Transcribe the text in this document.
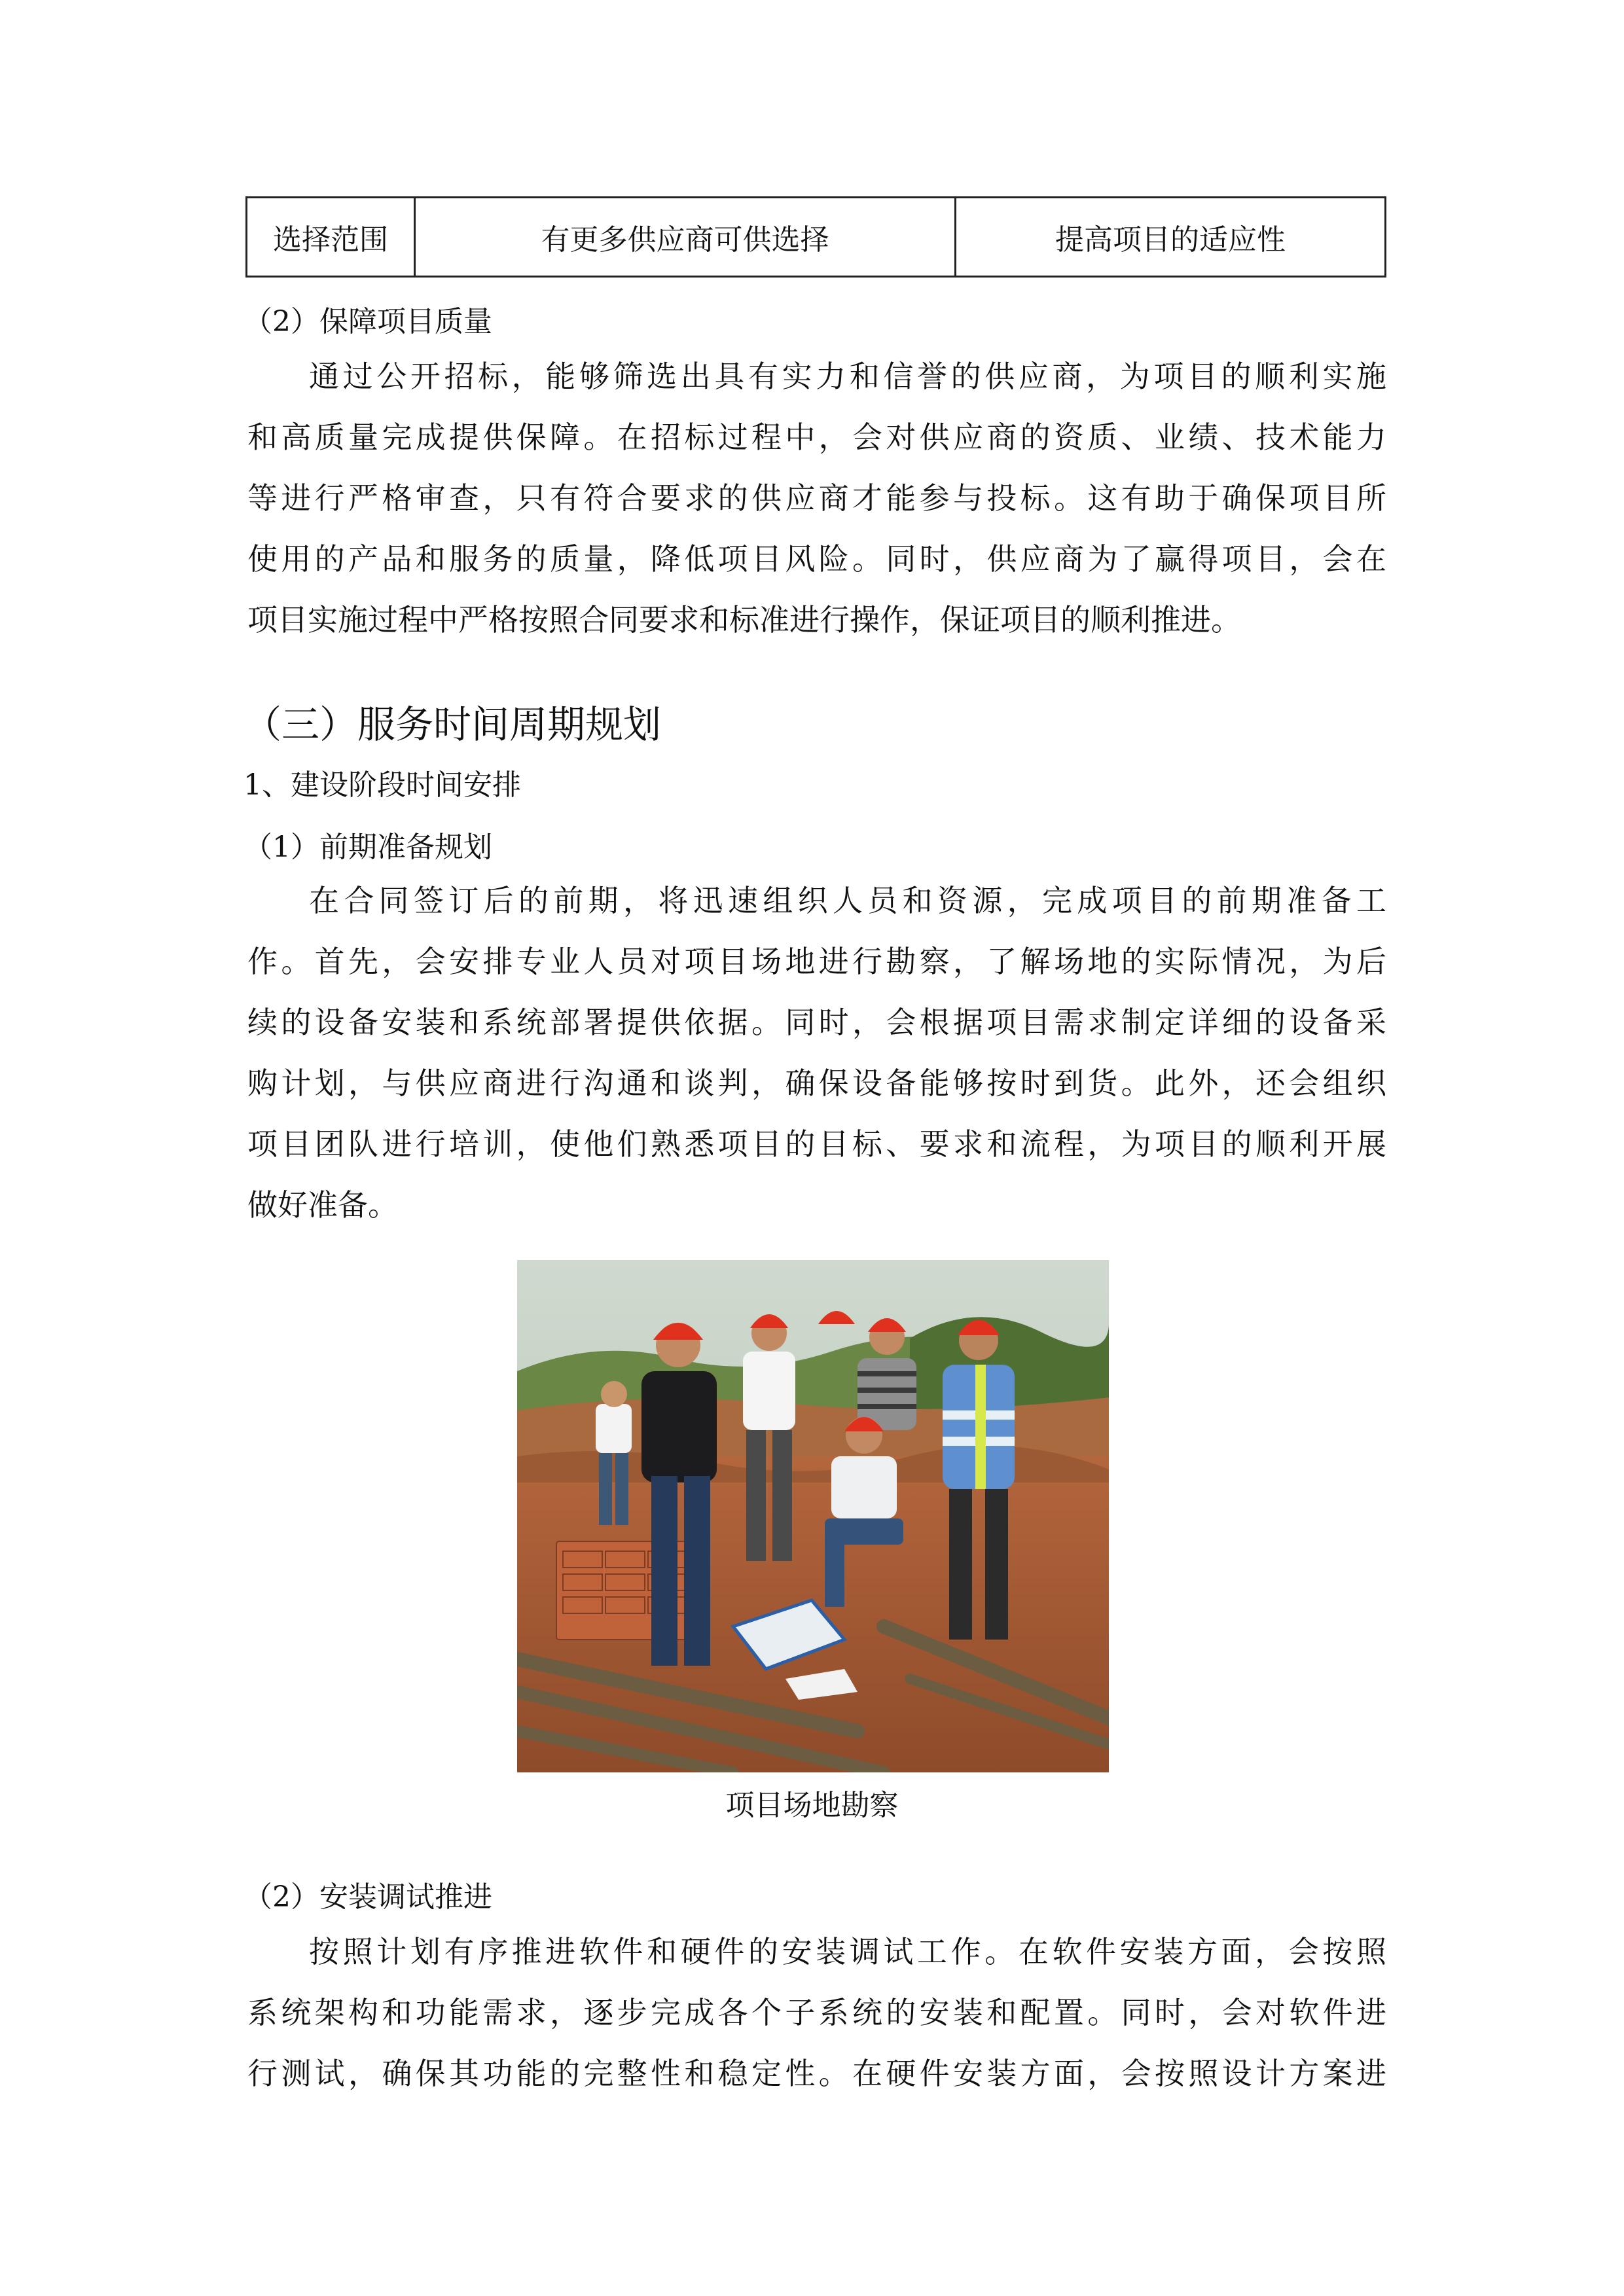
选择范围	有更多供应商可供选择	提高项目的适应性

（2）保障项目质量

通过公开招标，能够筛选出具有实力和信誉的供应商，为项目的顺利实施
和高质量完成提供保障。在招标过程中，会对供应商的资质、业绩、技术能力
等进行严格审查，只有符合要求的供应商才能参与投标。这有助于确保项目所
使用的产品和服务的质量，降低项目风险。同时，供应商为了赢得项目，会在
项目实施过程中严格按照合同要求和标准进行操作，保证项目的顺利推进。

（三）服务时间周期规划

1、建设阶段时间安排

（1）前期准备规划

在合同签订后的前期，将迅速组织人员和资源，完成项目的前期准备工
作。首先，会安排专业人员对项目场地进行勘察，了解场地的实际情况，为后
续的设备安装和系统部署提供依据。同时，会根据项目需求制定详细的设备采
购计划，与供应商进行沟通和谈判，确保设备能够按时到货。此外，还会组织
项目团队进行培训，使他们熟悉项目的目标、要求和流程，为项目的顺利开展
做好准备。

项目场地勘察

（2）安装调试推进

按照计划有序推进软件和硬件的安装调试工作。在软件安装方面，会按照
系统架构和功能需求，逐步完成各个子系统的安装和配置。同时，会对软件进
行测试，确保其功能的完整性和稳定性。在硬件安装方面，会按照设计方案进
